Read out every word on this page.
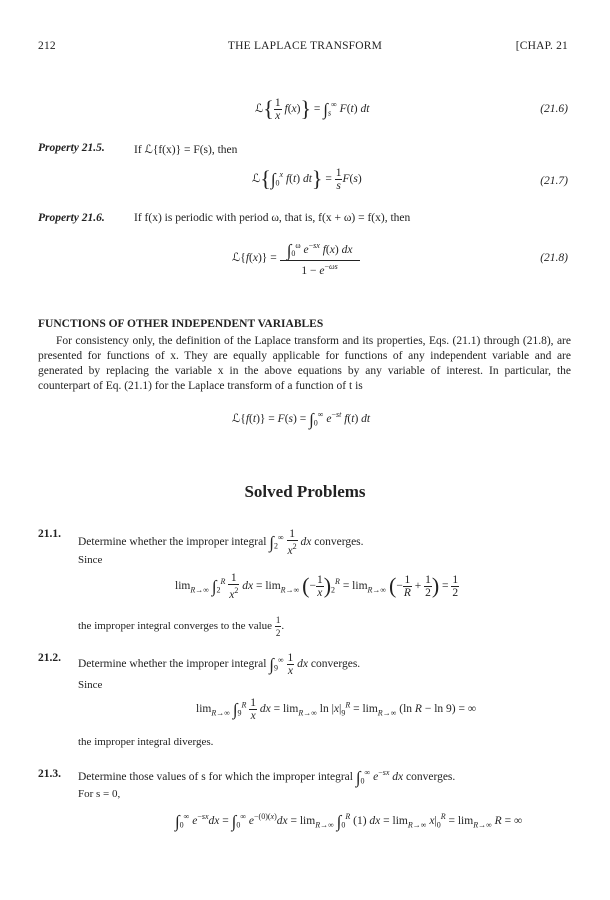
212	THE LAPLACE TRANSFORM	[CHAP. 21
ℒ{ $\frac{1}{x} f(x)\} = \int_s^\infty$ F(t) dt	(21.6)
Property 21.5.	If ℒ{f(x)} = F(s), then
$ℒ\{\int_0^x$ f(t) $dt\} = \frac{1}{s} F(s)$	(21.7)
Property 21.6.	If f(x) is periodic with period ω, that is, f(x + ω) = f(x), then
ℒ{f(x)} = $\frac{\int_0^\omega e^{-sx} f(x) dx}{1 - e^{-\omega s}}$	(21.8)
FUNCTIONS OF OTHER INDEPENDENT VARIABLES
For consistency only, the definition of the Laplace transform and its properties, Eqs. (21.1) through (21.8), are presented for functions of x. They are equally applicable for functions of any independent variable and are generated by replacing the variable x in the above equations by any variable of interest. In particular, the counterpart of Eq. (21.1) for the Laplace transform of a function of t is
ℒ{f(t)} = $F(s) = \int_0^\infty$ $e^{-st}$ f(t) dt
Solved Problems
21.1.
Determine whether the improper integral $\int_2^\infty \frac{1}{x^2}$ dx converges.
Since
$\lim_{R\to\infty} \int_2^R \frac{1}{x^2}$ dx = $\lim_{R\to\infty}$ (− $\frac{1}{x} )_2^R = \lim_{R\to\infty}$ (− $\frac{1}{R} + \frac{1}{2}$ ) = $\frac{1}{2}$
the improper integral converges to the value $\frac{1}{2}$ .
21.2.
Determine whether the improper integral $\int_9^\infty \frac{1}{x}$ dx converges.
Since
$\lim_{R\to\infty} \int_9^R \frac{1}{x}$ dx = $\lim_{R\to\infty} \ln |x|_9^R = \lim_{R\to\infty} (\ln$ R − ln 9) = ∞
the improper integral diverges.
21.3. Determine those values of s for which the improper integral $\int_0^\infty$ $e^{-sx}$ dx converges.
For s = 0,
$\int_0^\infty$ $e^{-sx}dx = \int_0^\infty$ $e^{-(0)(x)}dx = \lim_{R\to\infty} \int_0^R$ (1) dx = $\lim_{R\to\infty} x|_0^R = \lim_{R\to\infty} R$ = ∞
